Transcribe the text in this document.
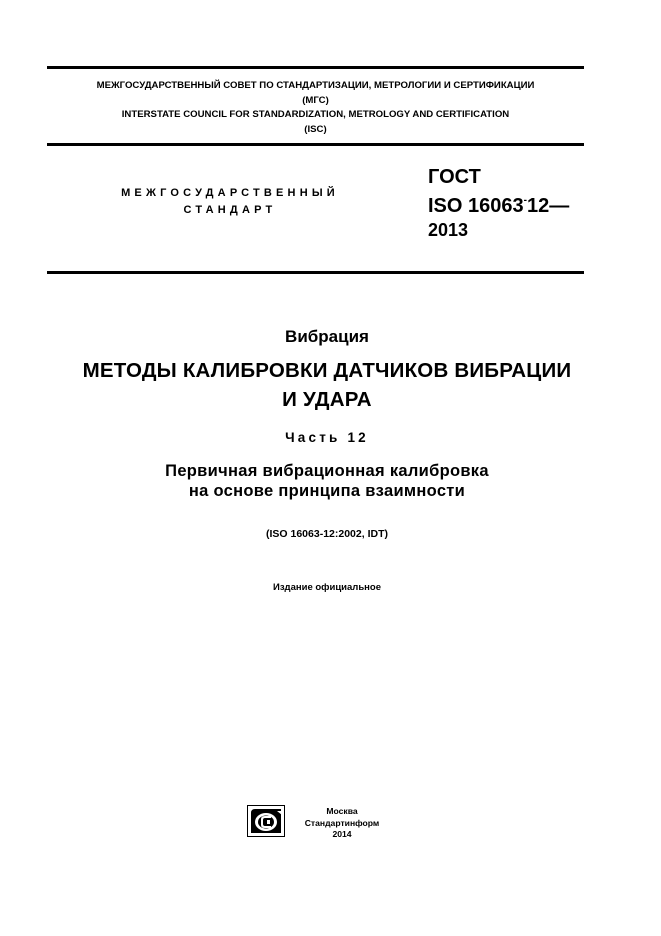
МЕЖГОСУДАРСТВЕННЫЙ СОВЕТ ПО СТАНДАРТИЗАЦИИ, МЕТРОЛОГИИ И СЕРТИФИКАЦИИ
(МГС)
INTERSTATE COUNCIL FOR STANDARDIZATION, METROLOGY AND CERTIFICATION
(ISC)
МЕЖГОСУДАРСТВЕННЫЙ
СТАНДАРТ
ГОСТ
ISO 16063-12—
2013
Вибрация
МЕТОДЫ КАЛИБРОВКИ ДАТЧИКОВ ВИБРАЦИИ
И УДАРА
Часть 12
Первичная вибрационная калибровка
на основе принципа взаимности
(ISO 16063-12:2002, IDT)
Издание официальное
Москва
Стандартинформ
2014
